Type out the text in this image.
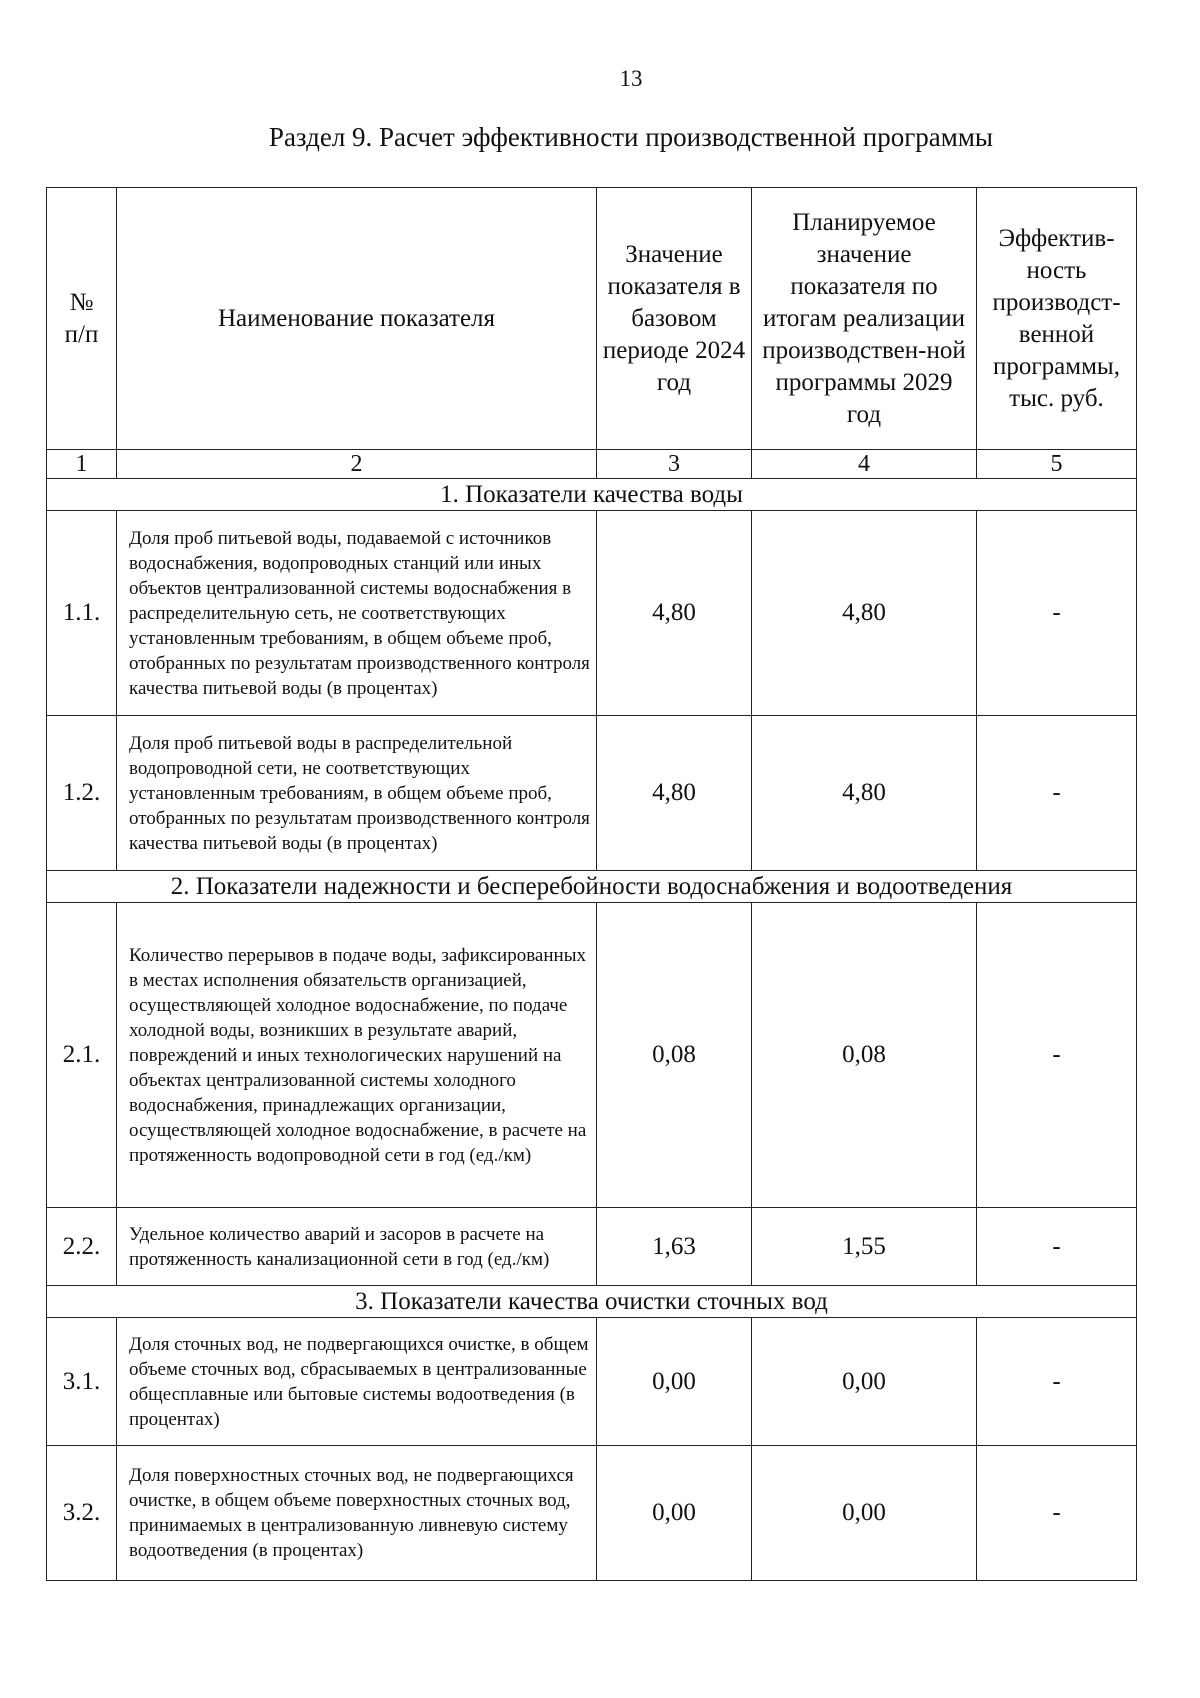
13
Раздел 9. Расчет эффективности производственной программы
№ п/п	Наименование показателя	Значение показателя в базовом периоде 2024 год	Планируемое значение показателя по итогам реализации производствен-ной программы 2029 год	Эффектив-ность производст-венной программы, тыс. руб.
1	2	3	4	5
1. Показатели качества воды				
1.1.	Доля проб питьевой воды, подаваемой с источников водоснабжения, водопроводных станций или иных объектов централизованной системы водоснабжения в распределительную сеть, не соответствующих установленным требованиям, в общем объеме проб, отобранных по результатам производственного контроля качества питьевой воды (в процентах)	4,80	4,80	-
1.2.	Доля проб питьевой воды в распределительной водопроводной сети, не соответствующих установленным требованиям, в общем объеме проб, отобранных по результатам производственного контроля качества питьевой воды (в процентах)	4,80	4,80	-
2. Показатели надежности и бесперебойности водоснабжения и водоотведения				
2.1.	Количество перерывов в подаче воды, зафиксированных в местах исполнения обязательств организацией, осуществляющей холодное водоснабжение, по подаче холодной воды, возникших в результате аварий, повреждений и иных технологических нарушений на объектах централизованной системы холодного водоснабжения, принадлежащих организации, осуществляющей холодное водоснабжение, в расчете на протяженность водопроводной сети в год (ед./км)	0,08	0,08	-
2.2.	Удельное количество аварий и засоров в расчете на протяженность канализационной сети в год (ед./км)	1,63	1,55	-
3. Показатели качества очистки сточных вод				
3.1.	Доля сточных вод, не подвергающихся очистке, в общем объеме сточных вод, сбрасываемых в централизованные общесплавные или бытовые системы водоотведения (в процентах)	0,00	0,00	-
3.2.	Доля поверхностных сточных вод, не подвергающихся очистке, в общем объеме поверхностных сточных вод, принимаемых в централизованную ливневую систему водоотведения (в процентах)	0,00	0,00	-
